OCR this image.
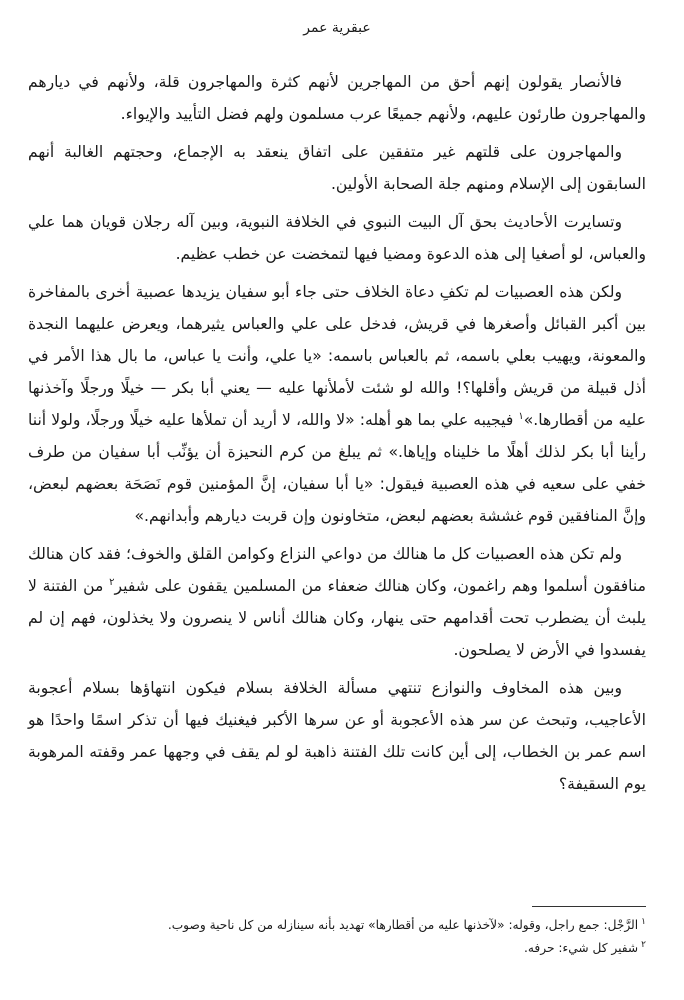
عبقرية عمر

فالأنصار يقولون إنهم أحق من المهاجرين لأنهم كثرة والمهاجرون قلة، ولأنهم في ديارهم والمهاجرون طارئون عليهم، ولأنهم جميعًا عرب مسلمون ولهم فضل التأييد والإيواء.

والمهاجرون على قلتهم غير متفقين على اتفاق ينعقد به الإجماع، وحجتهم الغالبة أنهم السابقون إلى الإسلام ومنهم جلة الصحابة الأولين.

وتسايرت الأحاديث بحق آل البيت النبوي في الخلافة النبوية، وبين آله رجلان قويان هما علي والعباس، لو أصغيا إلى هذه الدعوة ومضيا فيها لتمخضت عن خطب عظيم.

ولكن هذه العصبيات لم تكفِ دعاة الخلاف حتى جاء أبو سفيان يزيدها عصبية أخرى بالمفاخرة بين أكبر القبائل وأصغرها في قريش، فدخل على علي والعباس يثيرهما، ويعرض عليهما النجدة والمعونة، ويهيب بعلي باسمه، ثم بالعباس باسمه: «يا علي، وأنت يا عباس، ما بال هذا الأمر في أذل قبيلة من قريش وأقلها؟! والله لو شئت لأملأنها عليه — يعني أبا بكر — خيلًا ورجلًا وآخذنها عليه من أقطارها.»$^١$ فيجيبه علي بما هو أهله: «لا والله، لا أريد أن تملأها عليه خيلًا ورجلًا، ولولا أننا رأينا أبا بكر لذلك أهلًا ما خليناه وإياها.» ثم يبلغ من كرم النحيزة أن يؤنِّب أبا سفيان من طرف خفي على سعيه في هذه العصبية فيقول: «يا أبا سفيان، إنَّ المؤمنين قوم نَصَحَة بعضهم لبعض، وإنَّ المنافقين قوم غششة بعضهم لبعض، متخاونون وإن قربت ديارهم وأبدانهم.»

ولم تكن هذه العصبيات كل ما هنالك من دواعي النزاع وكوامن القلق والخوف؛ فقد كان هنالك منافقون أسلموا وهم راغمون، وكان هنالك ضعفاء من المسلمين يقفون على شفير$^٢$ من الفتنة لا يلبث أن يضطرب تحت أقدامهم حتى ينهار، وكان هنالك أناس لا ينصرون ولا يخذلون، فهم إن لم يفسدوا في الأرض لا يصلحون.

وبين هذه المخاوف والنوازع تنتهي مسألة الخلافة بسلام فيكون انتهاؤها بسلام أعجوبة الأعاجيب، وتبحث عن سر هذه الأعجوبة أو عن سرها الأكبر فيغنيك فيها أن تذكر اسمًا واحدًا هو اسم عمر بن الخطاب، إلى أين كانت تلك الفتنة ذاهبة لو لم يقف في وجهها عمر وقفته المرهوبة يوم السقيفة؟

$^١$الرَّجْل: جمع راجل، وقوله: «لآخذنها عليه من أقطارها» تهديد بأنه سينازله من كل ناحية وصوب.

$^٢$شفير كل شيء: حرفه.
